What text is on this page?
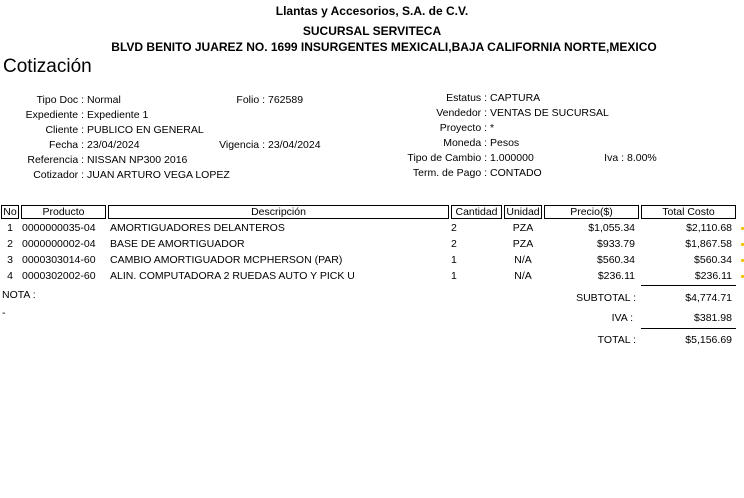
Llantas y Accesorios, S.A. de C.V.
SUCURSAL SERVITECA
BLVD BENITO JUAREZ NO. 1699 INSURGENTES MEXICALI,BAJA CALIFORNIA NORTE,MEXICO
Cotización
Tipo Doc : Normal
Expediente : Expediente 1
Cliente : PUBLICO EN GENERAL
Fecha : 23/04/2024
Referencia : NISSAN NP300 2016
Cotizador : JUAN ARTURO VEGA LOPEZ
Folio : 762589
Vigencia : 23/04/2024
Estatus : CAPTURA
Vendedor : VENTAS DE SUCURSAL
Proyecto : *
Moneda : Pesos
Tipo de Cambio : 1.000000	Iva : 8.00%
Term. de Pago : CONTADO
No	Producto	Descripción	Cantidad Unidad	Precio($)	Total Costo
1 0000000035-04 AMORTIGUADORES DELANTEROS	2	PZA	$1,055.34	$2,110.68
2 0000000002-04 BASE DE AMORTIGUADOR	2	PZA	$933.79	$1,867.58
3 0000303014-60 CAMBIO AMORTIGUADOR MCPHERSON (PAR)	1	N/A	$560.34	$560.34
4 0000302002-60 ALIN. COMPUTADORA 2 RUEDAS AUTO Y PICK U	1	N/A	$236.11	$236.11
NOTA :
-
SUBTOTAL :	$4,774.71
IVA :	$381.98
TOTAL :	$5,156.69
